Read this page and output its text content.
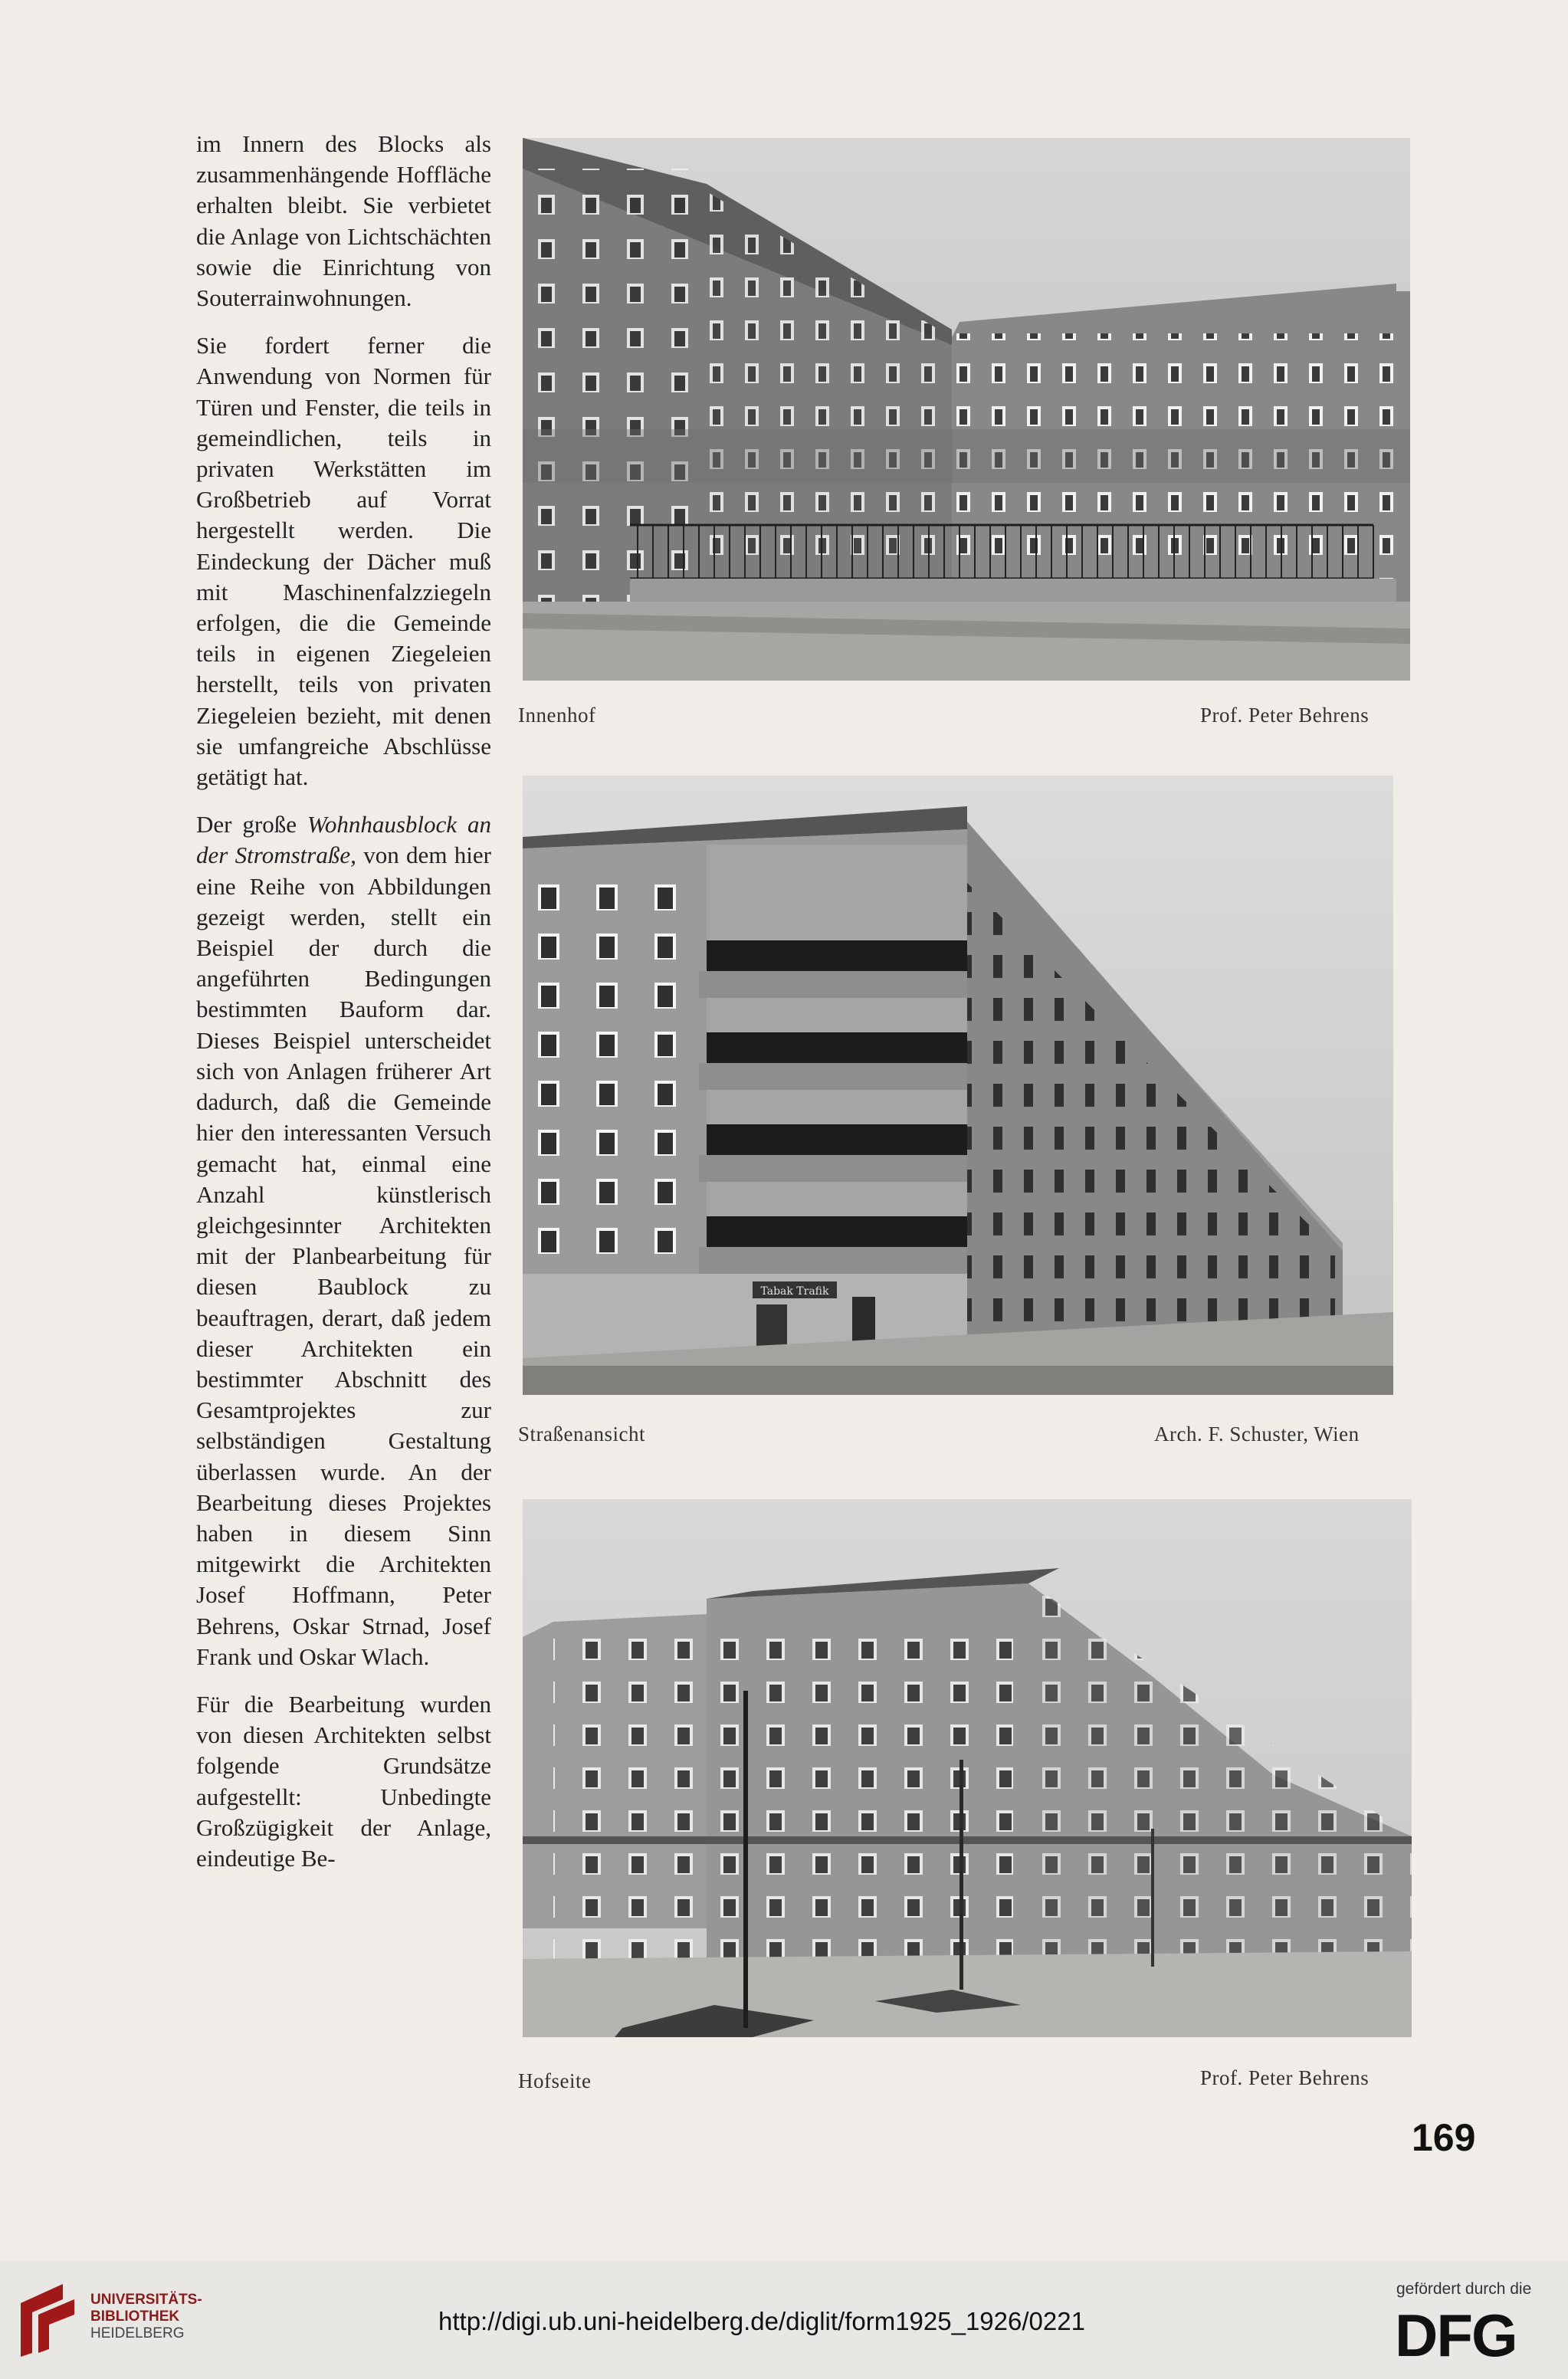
im Innern des Blocks als zusammenhängende Hoffläche erhalten bleibt. Sie verbietet die Anlage von Lichtschächten sowie die Einrichtung von Souterrainwohnungen.

Sie fordert ferner die Anwendung von Normen für Türen und Fenster, die teils in gemeindlichen, teils in privaten Werkstätten im Großbetrieb auf Vorrat hergestellt werden. Die Eindeckung der Dächer muß mit Maschinenfalzziegeln erfolgen, die die Gemeinde teils in eigenen Ziegeleien herstellt, teils von privaten Ziegeleien bezieht, mit denen sie umfangreiche Abschlüsse getätigt hat.

Der große Wohnhausblock an der Stromstraße, von dem hier eine Reihe von Abbildungen gezeigt werden, stellt ein Beispiel der durch die angeführten Bedingungen bestimmten Bauform dar. Dieses Beispiel unterscheidet sich von Anlagen früherer Art dadurch, daß die Gemeinde hier den interessanten Versuch gemacht hat, einmal eine Anzahl künstlerisch gleichgesinnter Architekten mit der Planbearbeitung für diesen Baublock zu beauftragen, derart, daß jedem dieser Architekten ein bestimmter Abschnitt des Gesamtprojektes zur selbständigen Gestaltung überlassen wurde. An der Bearbeitung dieses Projektes haben in diesem Sinn mitgewirkt die Architekten Josef Hoffmann, Peter Behrens, Oskar Strnad, Josef Frank und Oskar Wlach.

Für die Bearbeitung wurden von diesen Architekten selbst folgende Grundsätze aufgestellt: Unbedingte Großzügigkeit der Anlage, eindeutige Be-

Innenhof	Prof. Peter Behrens
Tabak Trafik
Straßenansicht	Arch. F. Schuster, Wien
Hofseite	Prof. Peter Behrens
169
UNIVERSITÄTS-
BIBLIOTHEK
HEIDELBERG	http://digi.ub.uni-heidelberg.de/diglit/form1925_1926/0221
gefördert durch die
DFG
